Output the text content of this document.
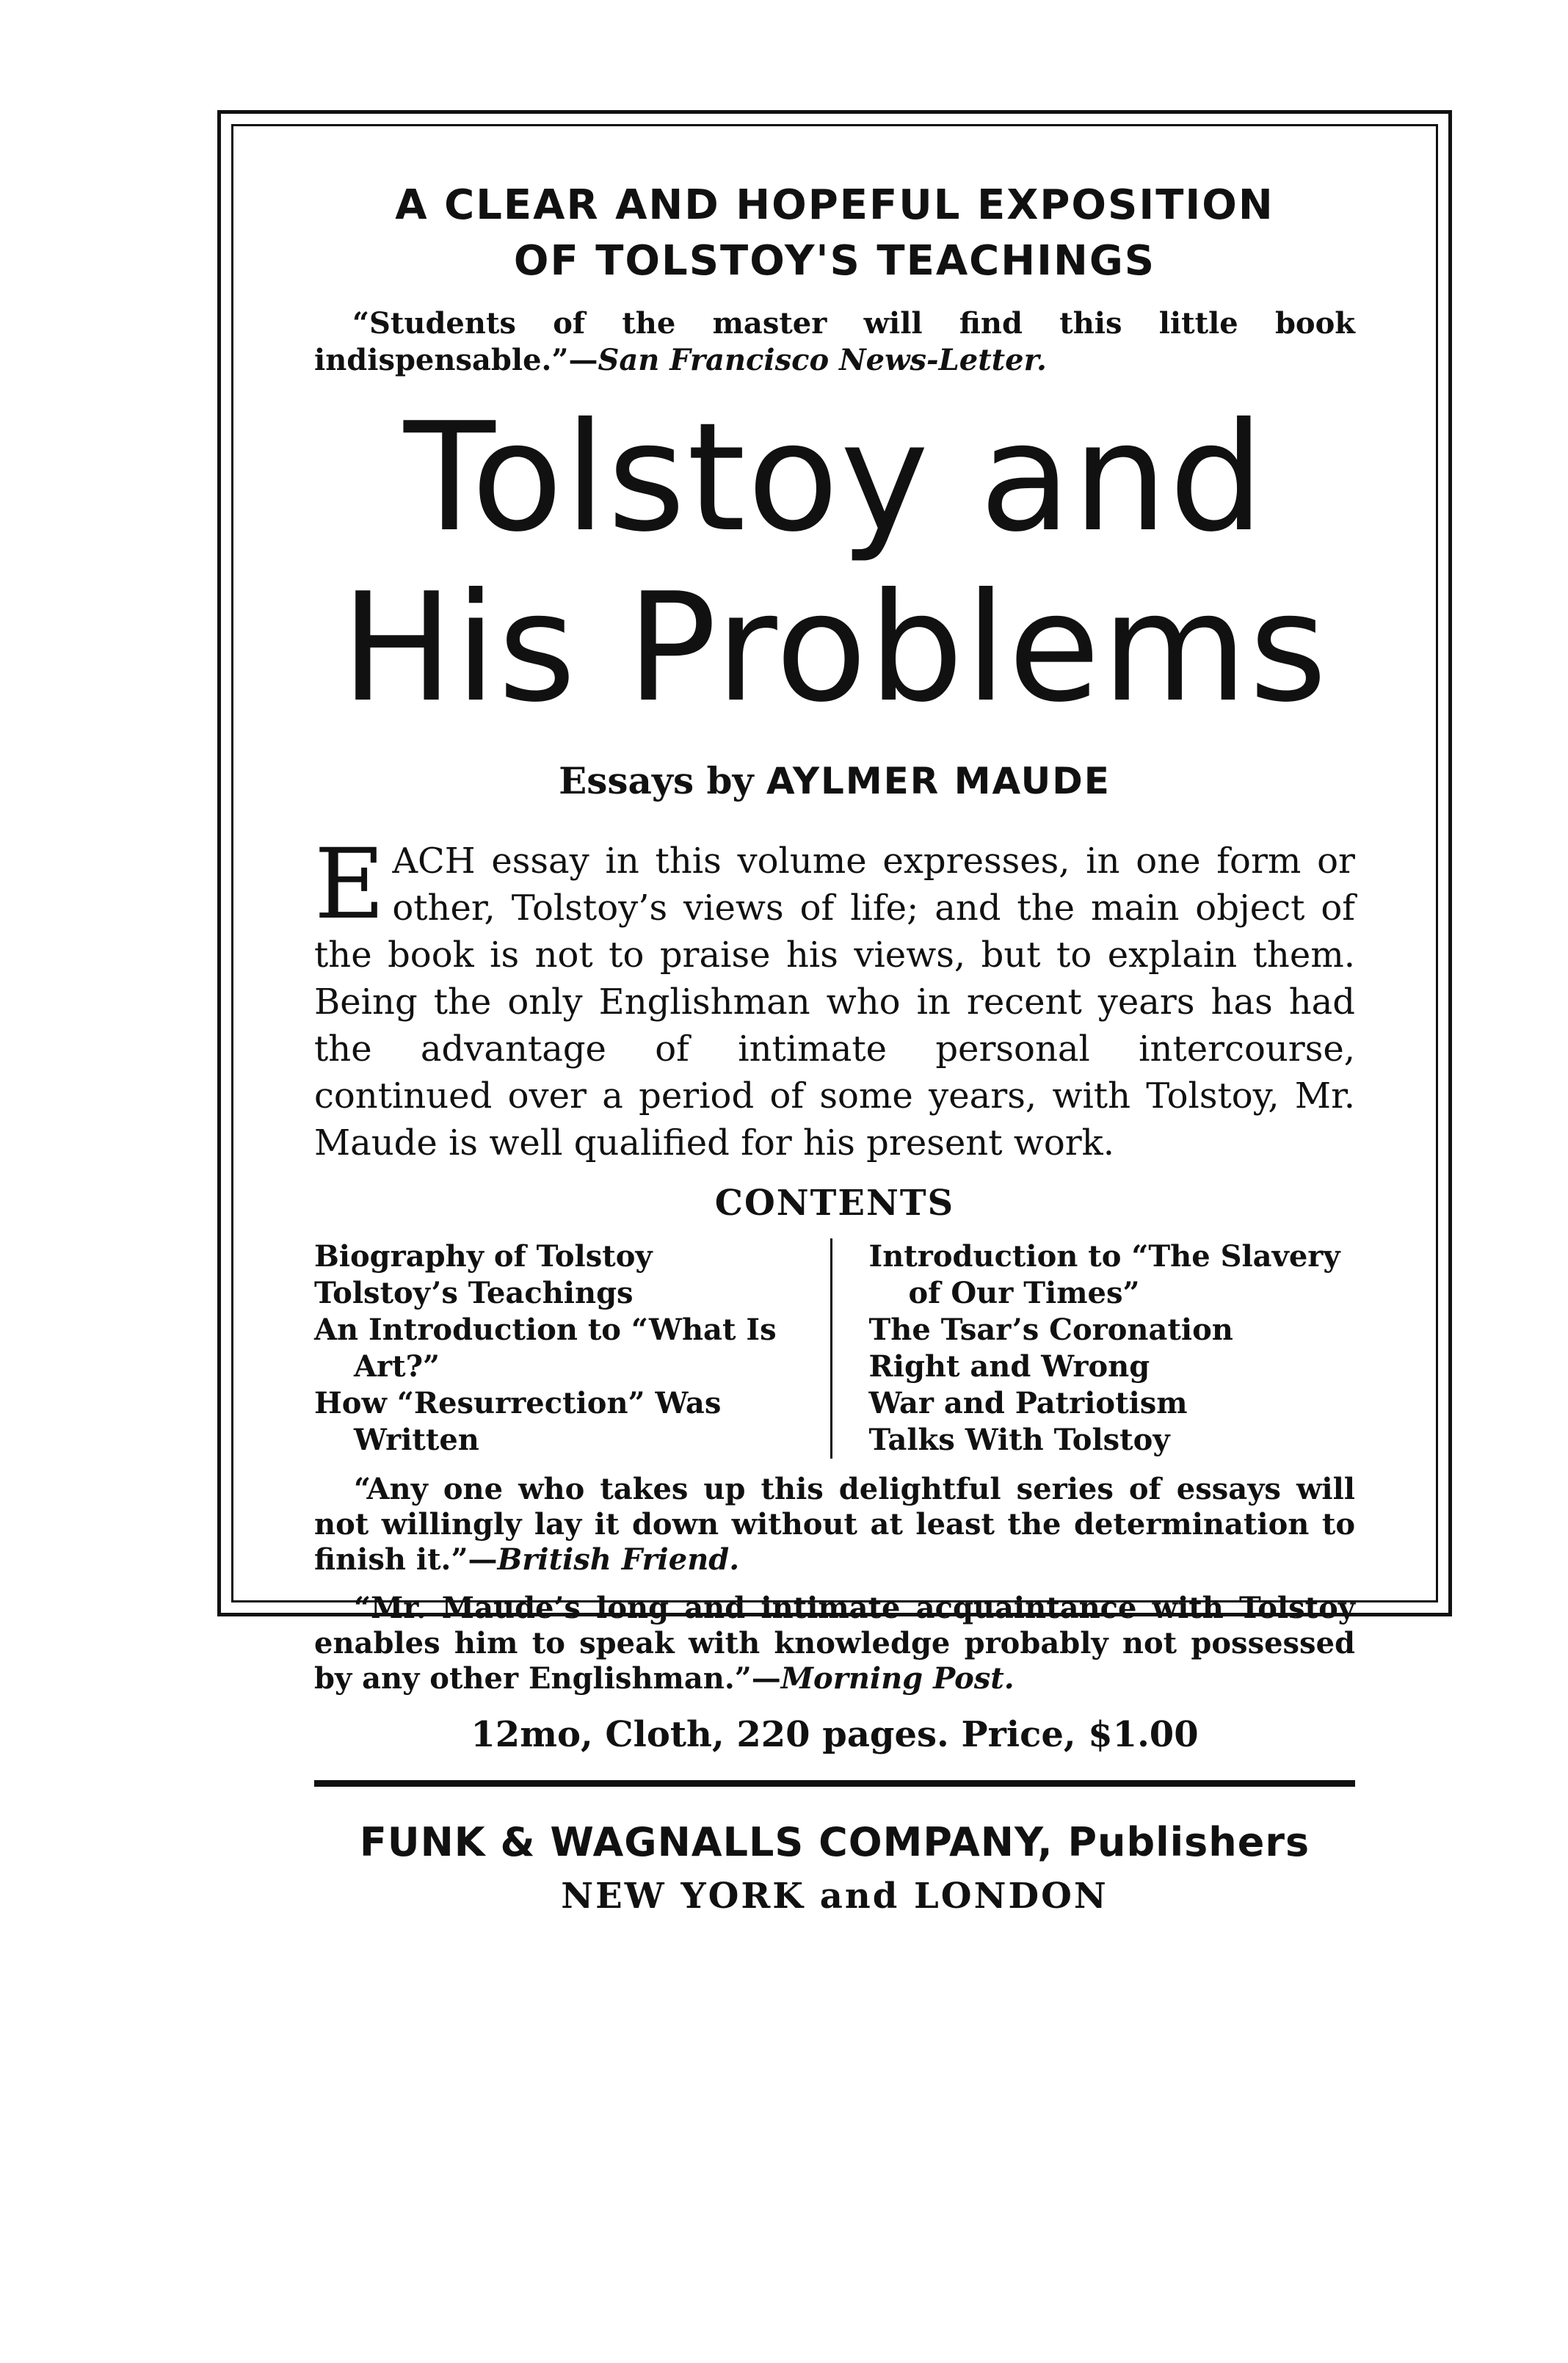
A CLEAR AND HOPEFUL EXPOSITION
OF TOLSTOY'S TEACHINGS
“Students of the master will find this little book indispensable.”—San Francisco News-Letter.
Tolstoy and
His Problems
Essays by AYLMER MAUDE
EACH essay in this volume expresses, in one form or other, Tolstoy’s views of life; and the main object of the book is not to praise his views, but to explain them. Being the only Englishman who in recent years has had the advantage of intimate personal intercourse, continued over a period of some years, with Tolstoy, Mr. Maude is well qualified for his present work.
CONTENTS
Biography of Tolstoy
Tolstoy’s Teachings
An Introduction to “What Is Art?”
How “Resurrection” Was Written
Introduction to “The Slavery of Our Times”
The Tsar’s Coronation
Right and Wrong
War and Patriotism
Talks With Tolstoy
“Any one who takes up this delightful series of essays will not willingly lay it down without at least the determination to finish it.”—British Friend.
“Mr. Maude’s long and intimate acquaintance with Tolstoy enables him to speak with knowledge probably not possessed by any other Englishman.”—Morning Post.
12mo, Cloth, 220 pages. Price, $1.00
FUNK & WAGNALLS COMPANY, Publishers
NEW YORK and LONDON
